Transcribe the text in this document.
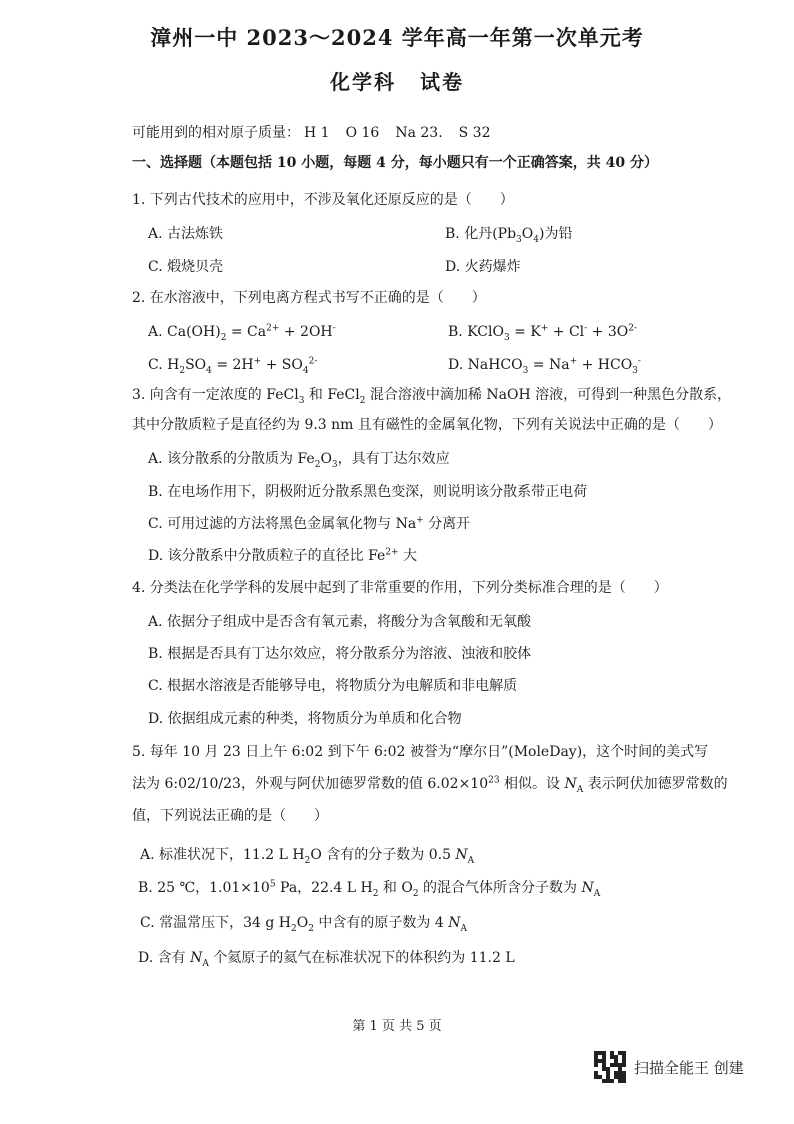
漳州一中 2023～2024 学年高一年第一次单元考
化学科 试卷
可能用到的相对原子质量： H 1 O 16 Na 23. S 32
一、选择题（本题包括 10 小题，每题 4 分，每小题只有一个正确答案，共 40 分）
1. 下列古代技术的应用中，不涉及氧化还原反应的是（　　）
A. 古法炼铁	B. 化丹$(Pb_3O_4)$为铅
C. 煅烧贝壳	D. 火药爆炸
2. 在水溶液中，下列电离方程式书写不正确的是（　　）
A. $Ca(OH)_2 = Ca^{2+} + 2OH^-$	B. KClO$_3$ = $K^+ + Cl^- + 3O^{2-}$
C. $H_2SO_4 = 2H^+ + SO_4^{2-}$	D. NaHCO$_3$ = $Na^+ + HCO_3^-$
3. 向含有一定浓度的 FeCl$_3$ 和 FeCl$_2$ 混合溶液中滴加稀 NaOH 溶液，可得到一种黑色分散系，
其中分散质粒子是直径约为 9.3 nm 且有磁性的金属氧化物，下列有关说法中正确的是（　　）
A. 该分散系的分散质为 $Fe_2O_3$，具有丁达尔效应
B. 在电场作用下，阴极附近分散系黑色变深，则说明该分散系带正电荷
C. 可用过滤的方法将黑色金属氧化物与 Na+ 分离开
D. 该分散系中分散质粒子的直径比 $Fe^{2+}$ 大
4. 分类法在化学学科的发展中起到了非常重要的作用，下列分类标准合理的是（　　）
A. 依据分子组成中是否含有氧元素，将酸分为含氧酸和无氧酸
B. 根据是否具有丁达尔效应，将分散系分为溶液、浊液和胶体
C. 根据水溶液是否能够导电，将物质分为电解质和非电解质
D. 依据组成元素的种类，将物质分为单质和化合物
5. 每年 10 月 23 日上午 6:02 到下午 6:02 被誉为“摩尔日”(MoleDay)，这个时间的美式写
法为 6:02/10/23，外观与阿伏加德罗常数的值 $6.02\times 10^{23}$ 相似。设 $N_A$ 表示阿伏加德罗常数的
值，下列说法正确的是（　　）
A. 标准状况下，11.2 L $H_2O$ 含有的分子数为 0.5 $N_A$
B. 25 ℃，$1.01\times 10^5$ Pa，22.4 L $H_2$ 和 $O_2$ 的混合气体所含分子数为 $N_A$
C. 常温常压下，34 g $H_2O_2$ 中含有的原子数为 4 $N_A$
D. 含有 $N_A$ 个氦原子的氦气在标准状况下的体积约为 11.2 L
第 1 页 共 5 页
扫描全能王 创建
